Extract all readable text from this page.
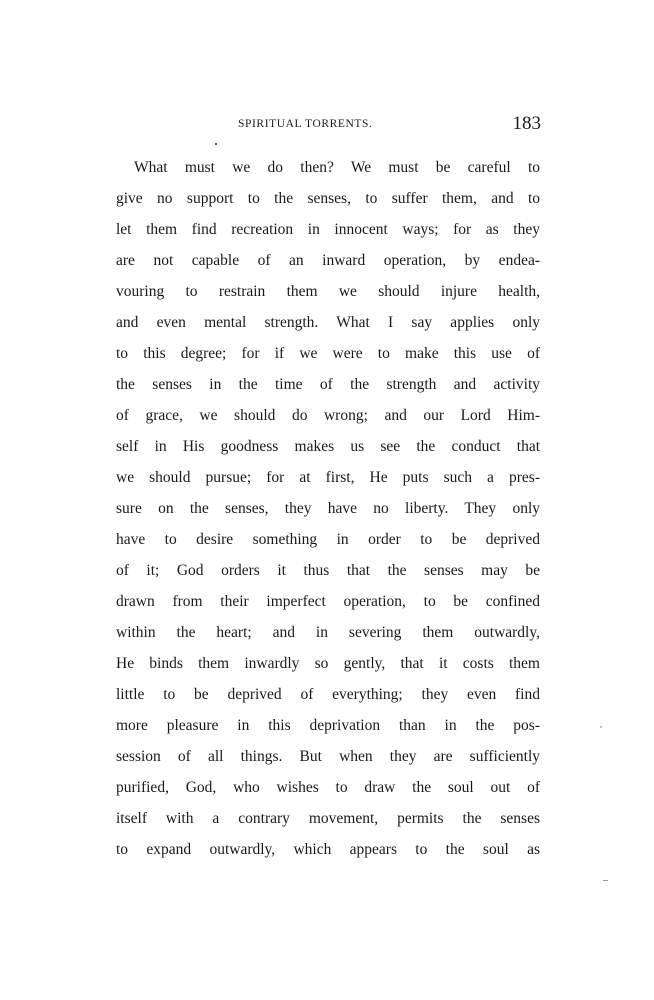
SPIRITUAL TORRENTS.	183
What must we do then? We must be careful to
give no support to the senses, to suffer them, and to
let them find recreation in innocent ways; for as they
are not capable of an inward operation, by endea-
vouring to restrain them we should injure health,
and even mental strength. What I say applies only
to this degree; for if we were to make this use of
the senses in the time of the strength and activity
of grace, we should do wrong; and our Lord Him-
self in His goodness makes us see the conduct that
we should pursue; for at first, He puts such a pres-
sure on the senses, they have no liberty. They only
have to desire something in order to be deprived
of it; God orders it thus that the senses may be
drawn from their imperfect operation, to be confined
within the heart; and in severing them outwardly,
He binds them inwardly so gently, that it costs them
little to be deprived of everything; they even find
more pleasure in this deprivation than in the pos-
session of all things. But when they are sufficiently
purified, God, who wishes to draw the soul out of
itself with a contrary movement, permits the senses
to expand outwardly, which appears to the soul as
